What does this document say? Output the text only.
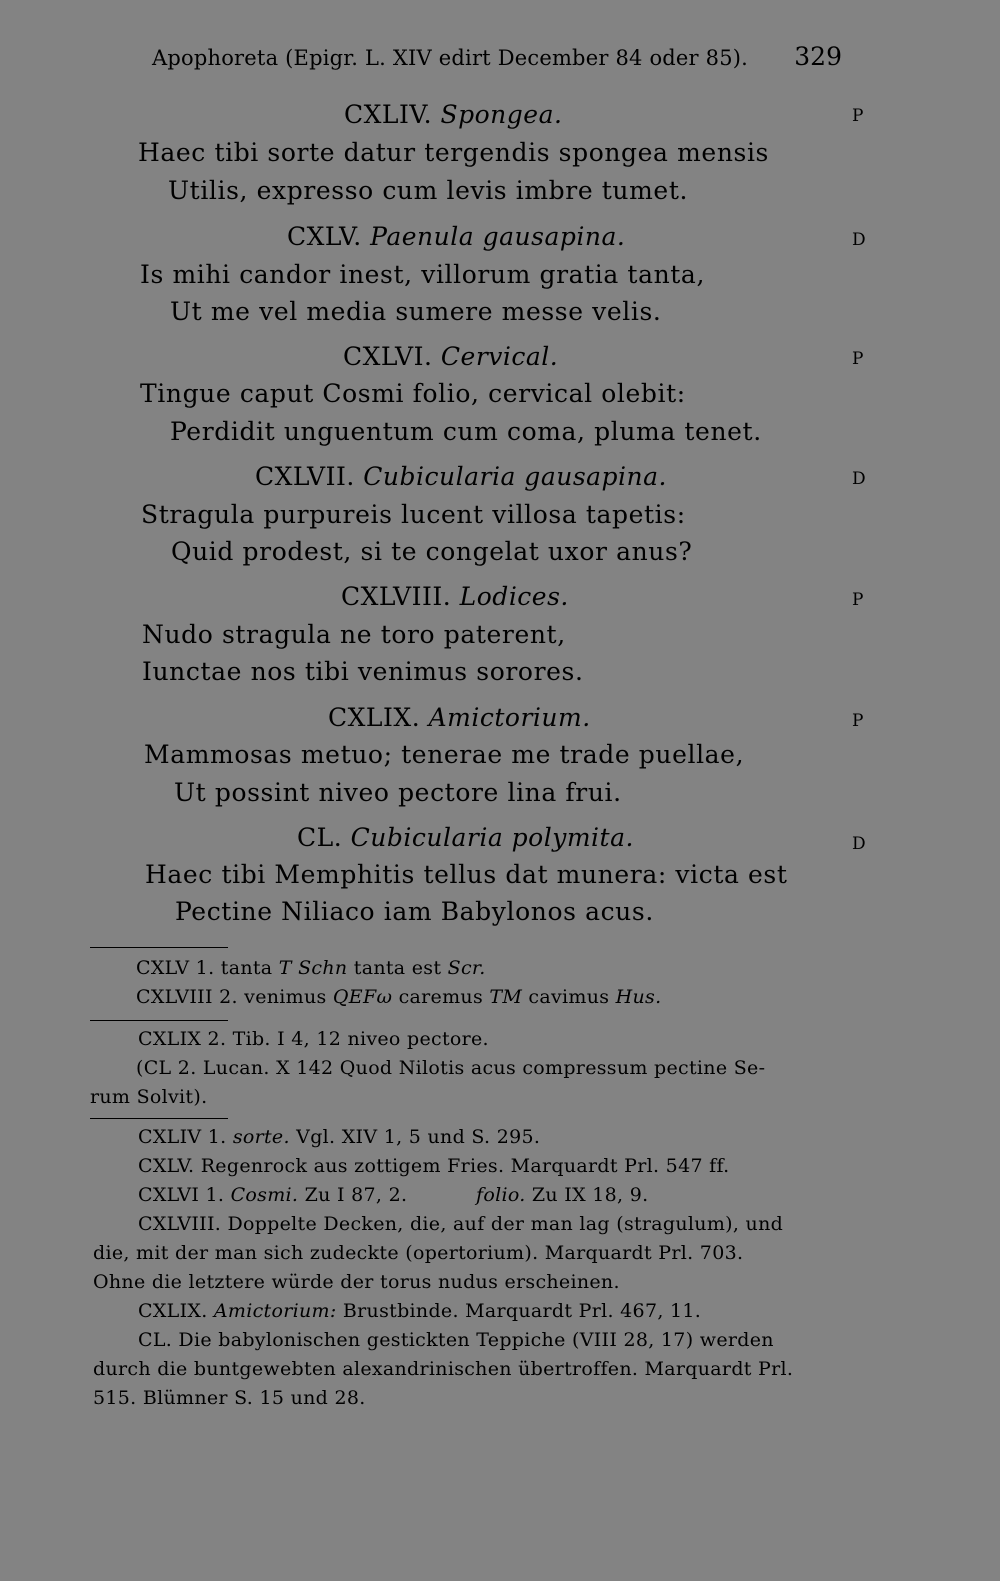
Apophoreta (Epigr. L. XIV edirt December 84 oder 85). 329
CXLIV. Spongea.	P
Haec tibi sorte datur tergendis spongea mensis
Utilis, expresso cum levis imbre tumet.
CXLV. Paenula gausapina.	D
Is mihi candor inest, villorum gratia tanta,
Ut me vel media sumere messe velis.
CXLVI. Cervical.	P
Tingue caput Cosmi folio, cervical olebit:
Perdidit unguentum cum coma, pluma tenet.
CXLVII. Cubicularia gausapina.	D
Stragula purpureis lucent villosa tapetis:
Quid prodest, si te congelat uxor anus?
CXLVIII. Lodices.	P
Nudo stragula ne toro paterent,
Iunctae nos tibi venimus sorores.
CXLIX. Amictorium.	P
Mammosas metuo; tenerae me trade puellae,
Ut possint niveo pectore lina frui.
CL. Cubicularia polymita.	D
Haec tibi Memphitis tellus dat munera: victa est
Pectine Niliaco iam Babylonos acus.
CXLV 1. tanta T Schn tanta est Scr.
CXLVIII 2. venimus QEFω caremus TM cavimus Hus.
CXLIX 2. Tib. I 4, 12 niveo pectore.
(CL 2. Lucan. X 142 Quod Nilotis acus compressum pectine Se-
rum Solvit).
CXLIV 1. sorte. Vgl. XIV 1, 5 und S. 295.
CXLV. Regenrock aus zottigem Fries. Marquardt Prl. 547 ff.
CXLVI 1. Cosmi. Zu I 87, 2.	folio. Zu IX 18, 9.
CXLVIII. Doppelte Decken, die, auf der man lag (stragulum), und
die, mit der man sich zudeckte (opertorium). Marquardt Prl. 703.
Ohne die letztere würde der torus nudus erscheinen.
CXLIX. Amictorium: Brustbinde. Marquardt Prl. 467, 11.
CL. Die babylonischen gestickten Teppiche (VIII 28, 17) werden
durch die buntgewebten alexandrinischen übertroffen. Marquardt Prl.
515. Blümner S. 15 und 28.
